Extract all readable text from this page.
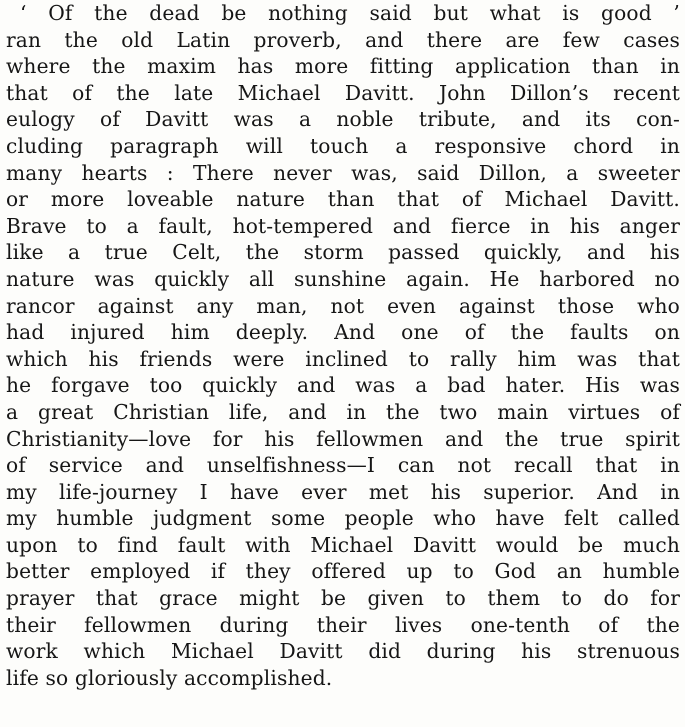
‘ Of the dead be nothing said but what is good ’
ran the old Latin proverb, and there are few cases
where the maxim has more fitting application than in
that of the late Michael Davitt. John Dillon’s recent
eulogy of Davitt was a noble tribute, and its con-
cluding paragraph will touch a responsive chord in
many hearts : There never was, said Dillon, a sweeter
or more loveable nature than that of Michael Davitt.
Brave to a fault, hot-tempered and fierce in his anger
like a true Celt, the storm passed quickly, and his
nature was quickly all sunshine again. He harbored no
rancor against any man, not even against those who
had injured him deeply. And one of the faults on
which his friends were inclined to rally him was that
he forgave too quickly and was a bad hater. His was
a great Christian life, and in the two main virtues of
Christianity—love for his fellowmen and the true spirit
of service and unselfishness—I can not recall that in
my life-journey I have ever met his superior. And in
my humble judgment some people who have felt called
upon to find fault with Michael Davitt would be much
better employed if they offered up to God an humble
prayer that grace might be given to them to do for
their fellowmen during their lives one-tenth of the
work which Michael Davitt did during his strenuous
life so gloriously accomplished.
